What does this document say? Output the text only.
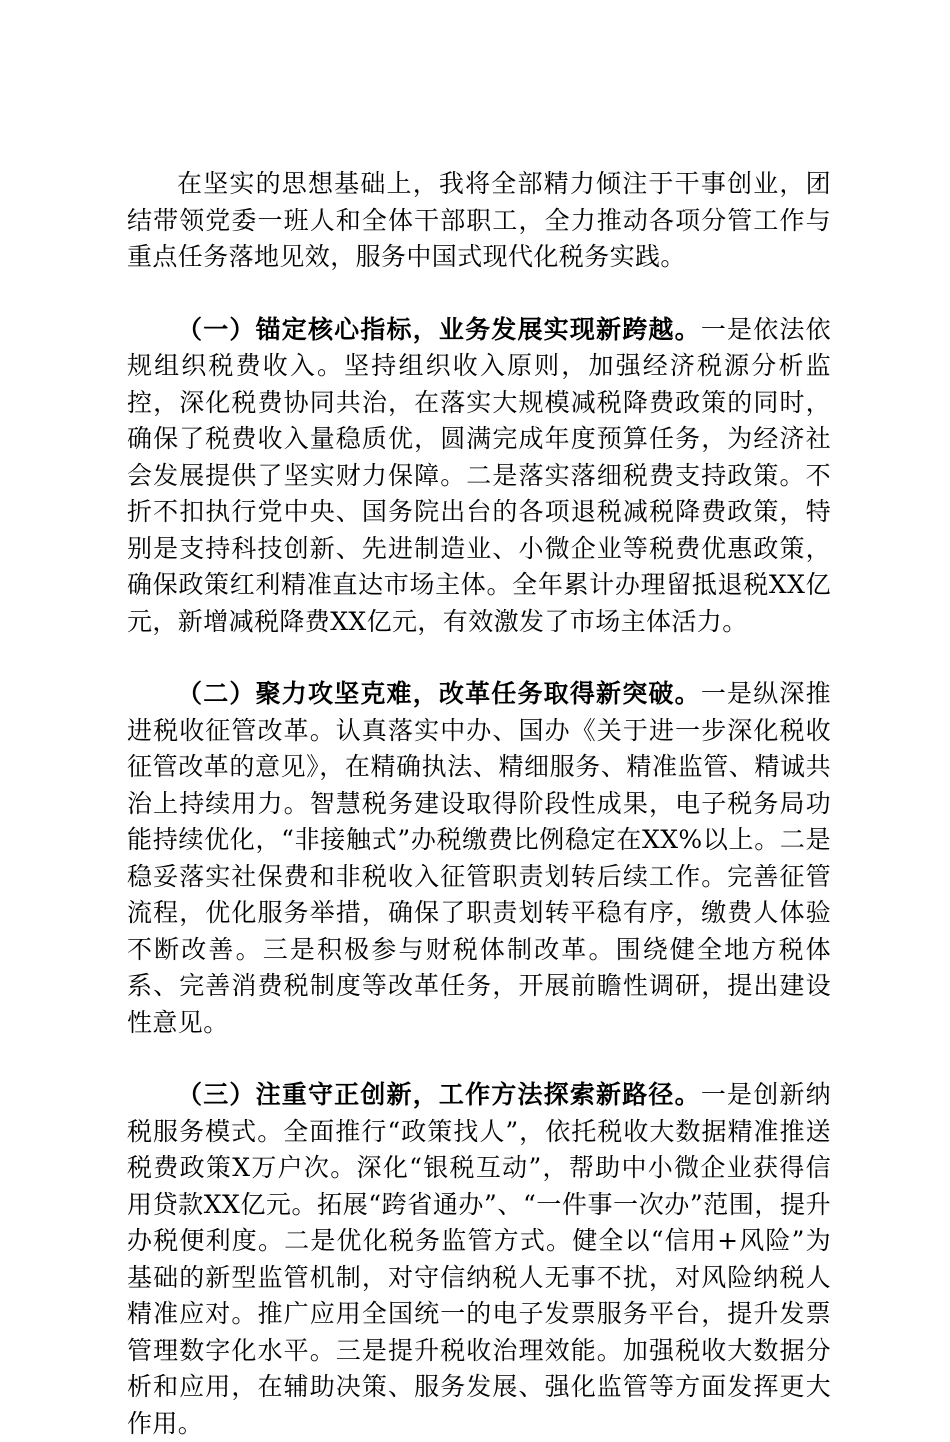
在坚实的思想基础上，我将全部精力倾注于干事创业，团结带领党委一班人和全体干部职工，全力推动各项分管工作与重点任务落地见效，服务中国式现代化税务实践。

（一）锚定核心指标，业务发展实现新跨越。一是依法依规组织税费收入。坚持组织收入原则，加强经济税源分析监控，深化税费协同共治，在落实大规模减税降费政策的同时，确保了税费收入量稳质优，圆满完成年度预算任务，为经济社会发展提供了坚实财力保障。二是落实落细税费支持政策。不折不扣执行党中央、国务院出台的各项退税减税降费政策，特别是支持科技创新、先进制造业、小微企业等税费优惠政策，确保政策红利精准直达市场主体。全年累计办理留抵退税XX亿元，新增减税降费XX亿元，有效激发了市场主体活力。

（二）聚力攻坚克难，改革任务取得新突破。一是纵深推进税收征管改革。认真落实中办、国办《关于进一步深化税收征管改革的意见》，在精确执法、精细服务、精准监管、精诚共治上持续用力。智慧税务建设取得阶段性成果，电子税务局功能持续优化，“非接触式”办税缴费比例稳定在XX%以上。二是稳妥落实社保费和非税收入征管职责划转后续工作。完善征管流程，优化服务举措，确保了职责划转平稳有序，缴费人体验不断改善。三是积极参与财税体制改革。围绕健全地方税体系、完善消费税制度等改革任务，开展前瞻性调研，提出建设性意见。

（三）注重守正创新，工作方法探索新路径。一是创新纳税服务模式。全面推行“政策找人”，依托税收大数据精准推送税费政策X万户次。深化“银税互动”，帮助中小微企业获得信用贷款XX亿元。拓展“跨省通办”、“一件事一次办”范围，提升办税便利度。二是优化税务监管方式。健全以“信用+风险”为基础的新型监管机制，对守信纳税人无事不扰，对风险纳税人精准应对。推广应用全国统一的电子发票服务平台，提升发票管理数字化水平。三是提升税收治理效能。加强税收大数据分析和应用，在辅助决策、服务发展、强化监管等方面发挥更大作用。
